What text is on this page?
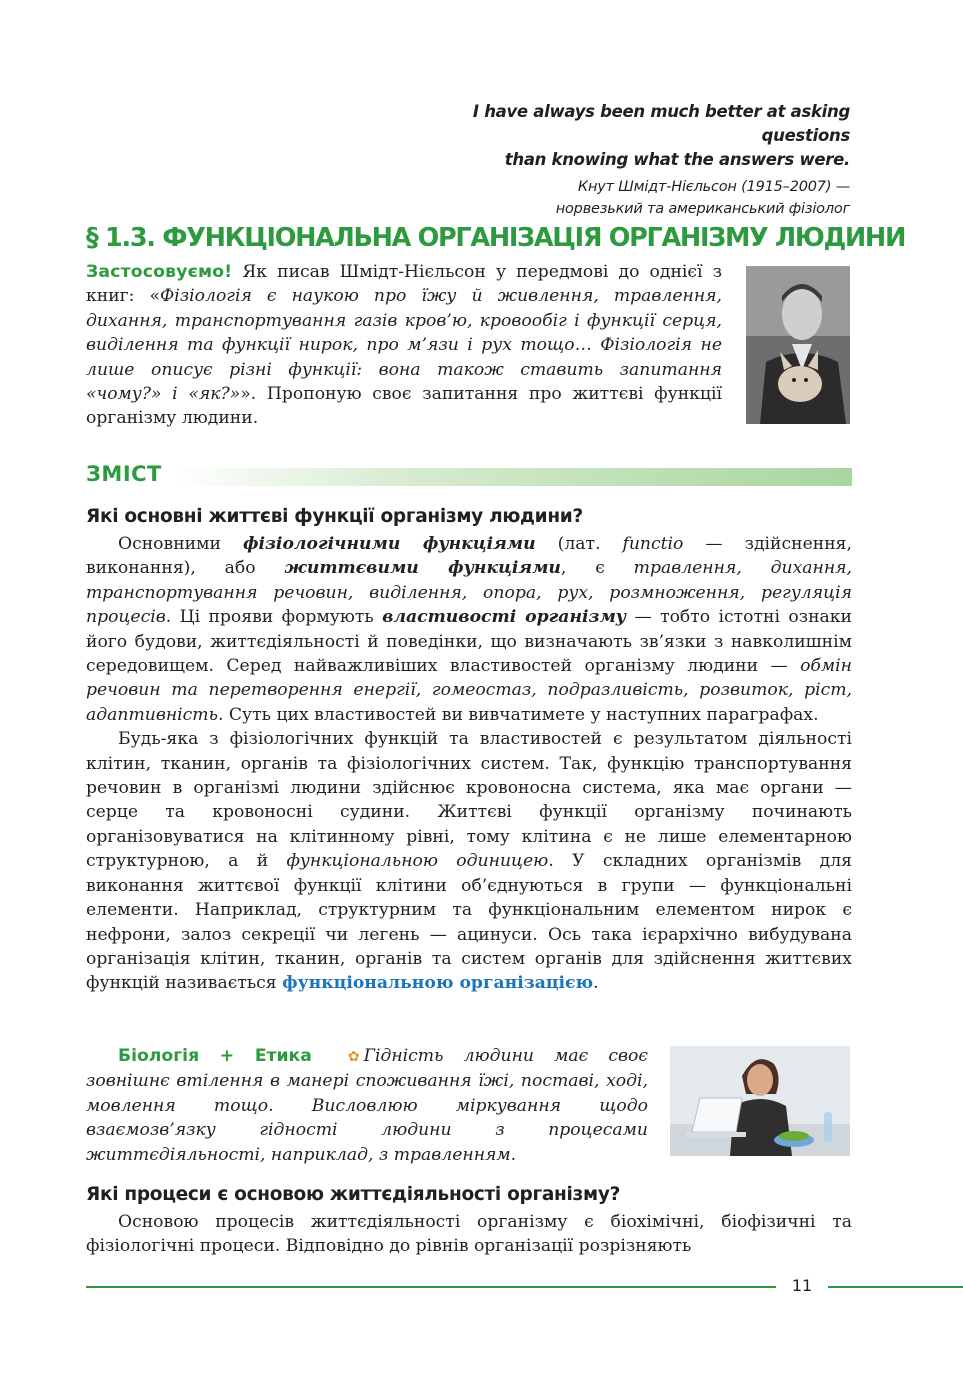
I have always been much better at asking questions
than knowing what the answers were.
Кнут Шмідт-Нієльсон (1915–2007) —
норвезький та американський фізіолог
§ 1.3. ФУНКЦІОНАЛЬНА ОРГАНІЗАЦІЯ ОРГАНІЗМУ ЛЮДИНИ

Застосовуємо! Як писав Шмідт-Нієльсон у передмові до однієї з книг: «Фізіологія є наукою про їжу й живлення, травлення, дихання, транспортування газів кров’ю, кровообіг і функції серця, виділення та функції нирок, про м’язи і рух тощо… Фізіологія не лише описує різні функції: вона також ставить запитання «чому?» і «як?»». Пропоную своє запитання про життєві функції організму людини.

ЗМІСТ
Які основні життєві функції організму людини?

Основними фізіологічними функціями (лат. functio — здійснення, виконання), або життєвими функціями, є травлення, дихання, транспортування речовин, виділення, опора, рух, розмноження, регуляція процесів. Ці прояви формують властивості організму — тобто істотні ознаки його будови, життєдіяльності й поведінки, що визначають зв’язки з навколишнім середовищем. Серед найважливіших властивостей організму людини — обмін речовин та перетворення енергії, гомеостаз, подразливість, розвиток, ріст, адаптивність. Суть цих властивостей ви вивчатимете у наступних параграфах.

Будь-яка з фізіологічних функцій та властивостей є результатом діяльності клітин, тканин, органів та фізіологічних систем. Так, функцію транспортування речовин в організмі людини здійснює кровоносна система, яка має органи — серце та кровоносні судини. Життєві функції організму починають організовуватися на клітинному рівні, тому клітина є не лише елементарною структурною, а й функціональною одиницею. У складних організмів для виконання життєвої функції клітини об’єднуються в групи — функціональні елементи. Наприклад, структурним та функціональним елементом нирок є нефрони, залоз секреції чи легень — ацинуси. Ось така ієрархічно вибудувана організація клітин, тканин, органів та систем органів для здійснення життєвих функцій називається функціональною організацією.

Біологія + Етика	✿ Гідність людини має своє зовнішнє втілення в манері споживання їжі, поставі, ході, мовлення тощо. Висловлюю міркування щодо взаємозв’язку гідності людини з процесами життєдіяльності, наприклад, з травленням.

Які процеси є основою життєдіяльності організму?

Основою процесів життєдіяльності організму є біохімічні, біофізичні та фізіологічні процеси. Відповідно до рівнів організації розрізняють

11
